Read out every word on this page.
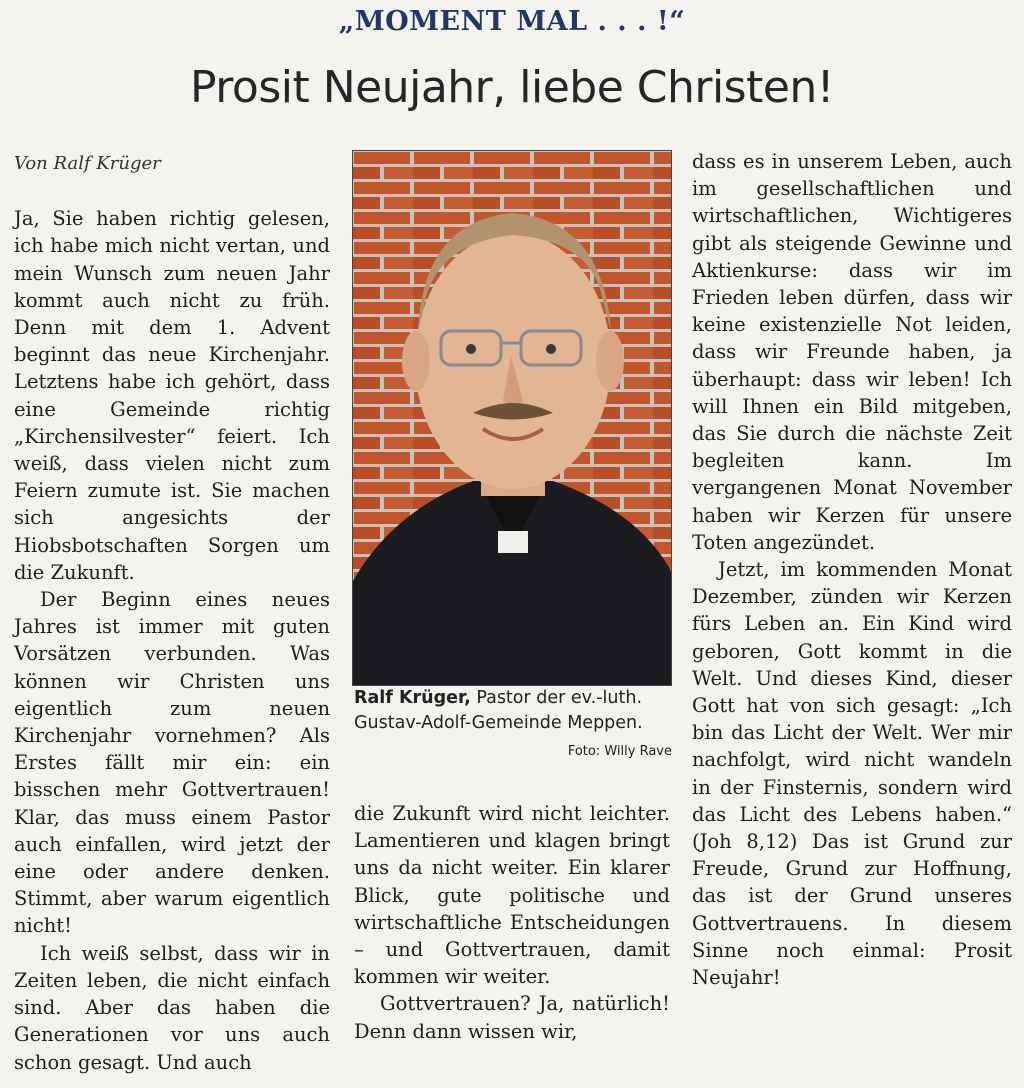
„MOMENT MAL . . . !“
Prosit Neujahr, liebe Christen!

Von Ralf Krüger

Ja, Sie haben richtig gelesen, ich habe mich nicht vertan, und mein Wunsch zum neuen Jahr kommt auch nicht zu früh. Denn mit dem 1. Advent beginnt das neue Kirchenjahr. Letztens habe ich gehört, dass eine Gemeinde richtig „Kirchensilvester“ feiert. Ich weiß, dass vielen nicht zum Feiern zumute ist. Sie machen sich angesichts der Hiobsbotschaften Sorgen um die Zukunft.

Der Beginn eines neues Jahres ist immer mit guten Vorsätzen verbunden. Was können wir Christen uns eigentlich zum neuen Kirchenjahr vornehmen? Als Erstes fällt mir ein: ein bisschen mehr Gottvertrauen! Klar, das muss einem Pastor auch einfallen, wird jetzt der eine oder andere denken. Stimmt, aber warum eigentlich nicht!

Ich weiß selbst, dass wir in Zeiten leben, die nicht einfach sind. Aber das haben die Generationen vor uns auch schon gesagt. Und auch

Ralf Krüger, Pastor der ev.-luth. Gustav-Adolf-Gemeinde Meppen.
Foto: Willy Rave

die Zukunft wird nicht leichter. Lamentieren und klagen bringt uns da nicht weiter. Ein klarer Blick, gute politische und wirtschaftliche Entscheidungen – und Gottvertrauen, damit kommen wir weiter.

Gottvertrauen? Ja, natürlich! Denn dann wissen wir,

dass es in unserem Leben, auch im gesellschaftlichen und wirtschaftlichen, Wichtigeres gibt als steigende Gewinne und Aktienkurse: dass wir im Frieden leben dürfen, dass wir keine existenzielle Not leiden, dass wir Freunde haben, ja überhaupt: dass wir leben! Ich will Ihnen ein Bild mitgeben, das Sie durch die nächste Zeit begleiten kann. Im vergangenen Monat November haben wir Kerzen für unsere Toten angezündet.

Jetzt, im kommenden Monat Dezember, zünden wir Kerzen fürs Leben an. Ein Kind wird geboren, Gott kommt in die Welt. Und dieses Kind, dieser Gott hat von sich gesagt: „Ich bin das Licht der Welt. Wer mir nachfolgt, wird nicht wandeln in der Finsternis, sondern wird das Licht des Lebens haben.“ (Joh 8,12) Das ist Grund zur Freude, Grund zur Hoffnung, das ist der Grund unseres Gottvertrauens. In diesem Sinne noch einmal: Prosit Neujahr!
